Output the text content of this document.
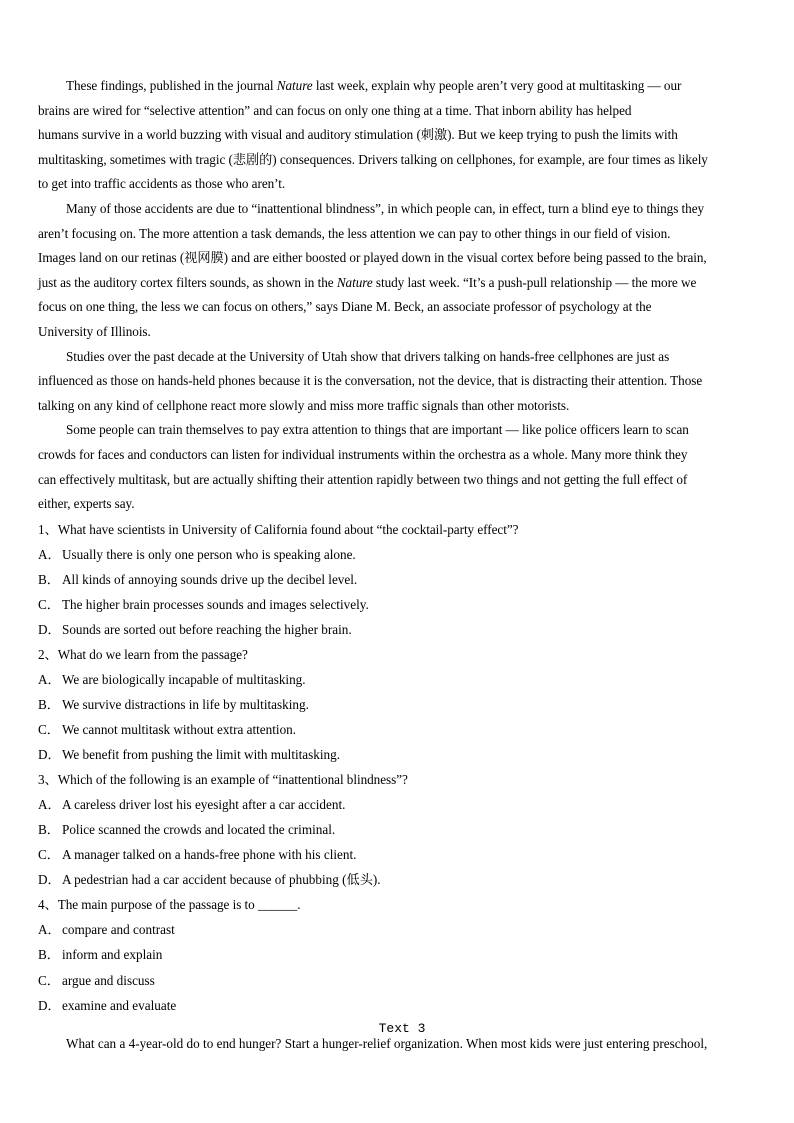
These findings, published in the journal Nature last week, explain why people aren’t very good at multitasking — our
brains are wired for “selective attention” and can focus on only one thing at a time. That inborn ability has helped
humans survive in a world buzzing with visual and auditory stimulation (刺激). But we keep trying to push the limits with
multitasking, sometimes with tragic (悲剧的) consequences. Drivers talking on cellphones, for example, are four times as likely
to get into traffic accidents as those who aren’t.
Many of those accidents are due to “inattentional blindness”, in which people can, in effect, turn a blind eye to things they
aren’t focusing on. The more attention a task demands, the less attention we can pay to other things in our field of vision.
Images land on our retinas (视网膜) and are either boosted or played down in the visual cortex before being passed to the brain,
just as the auditory cortex filters sounds, as shown in the Nature study last week. “It’s a push-pull relationship — the more we
focus on one thing, the less we can focus on others,” says Diane M. Beck, an associate professor of psychology at the
University of Illinois.
Studies over the past decade at the University of Utah show that drivers talking on hands-free cellphones are just as
influenced as those on hands-held phones because it is the conversation, not the device, that is distracting their attention. Those
talking on any kind of cellphone react more slowly and miss more traffic signals than other motorists.
Some people can train themselves to pay extra attention to things that are important — like police officers learn to scan
crowds for faces and conductors can listen for individual instruments within the orchestra as a whole. Many more think they
can effectively multitask, but are actually shifting their attention rapidly between two things and not getting the full effect of
either, experts say.
1、What have scientists in University of California found about “the cocktail-party effect”?
A．Usually there is only one person who is speaking alone.
B． All kinds of annoying sounds drive up the decibel level.
C． The higher brain processes sounds and images selectively.
D．Sounds are sorted out before reaching the higher brain.
2、What do we learn from the passage?
A．We are biologically incapable of multitasking.
B． We survive distractions in life by multitasking.
C． We cannot multitask without extra attention.
D．We benefit from pushing the limit with multitasking.
3、Which of the following is an example of “inattentional blindness”?
A．A careless driver lost his eyesight after a car accident.
B． Police scanned the crowds and located the criminal.
C． A manager talked on a hands-free phone with his client.
D．A pedestrian had a car accident because of phubbing (低头).
4、The main purpose of the passage is to ______.
A．compare and contrast
B． inform and explain
C． argue and discuss
D．examine and evaluate
Text 3
What can a 4-year-old do to end hunger? Start a hunger-relief organization. When most kids were just entering preschool,
